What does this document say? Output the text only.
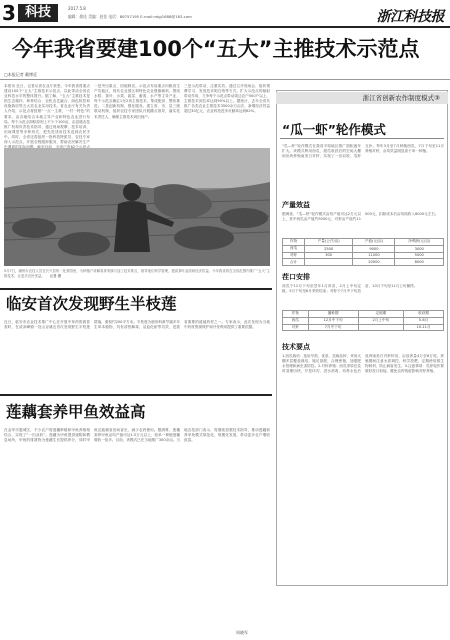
3 科技	2017.5.8
编辑：俞佳 美编：赵佳 电话：86757195 E-mail:ndgj1688@163.com	浙江科技报
今年我省要建100个“五大”主推技术示范点
□本报记者 戴博廷
本报讯 近日，记者从省农业厅获悉，今年我省将重点建设100个“五大”主推技术示范点，以此带动全省农业科技水平的整体提升。据了解，“五大”主推技术是指生态循环、种养结合、农机农艺融合、绿色防控和设施栽培等五大类农业实用技术。省农业厅有关负责人介绍，示范点将按照“一点一主推，一村一特色”的要求，由各地结合本地主导产业和特色农业进行布局。每个示范点面积原则上不少于100亩，由县级农技推广机构负责技术指导，通过现场观摩、技术培训、田间课堂等多种形式，把先进适用技术送到农民手中。同时，全省还将组织一批科技特派员、农技专家深入示范点，开展全程跟踪服务，帮助农民解决生产
一是突出重点，因地制宜。示范点布局重点向粮食生产功能区、现代农业园区和特色农业强镇倾斜，围绕水稻、茶叶、水果、蔬菜、畜禽、水产等主导产业，每个示范点确定1至2项主推技术，集成配套、整体推进。二是创新机制，强化服务。建立省、市、县三级联动机制，组织农技专家团队开展蹲点指导，落实技术责任人，确保主推技术到田到户。
三是示范带动，注重实效。通过召开现场会、组织观摩学习、发放技术明白纸等方式，扩大示范点的辐射带动作用，力争每个示范点带动周边农户500户以上，主推技术到位率达到95%以上。据统计，去年全省共推广各类农业主推技术3500余万亩次，新增经济效益超过30亿元，农业科技进步贡献率达到62%。
5月7日，湖州市农技人员在长兴县的一处茶园里，为种植户讲解春茶采摘与加工技术要点，指导他们科学管理，提高茶叶品质和经济效益。今年我省将在全省范围内推广“五大”主推技术，让更多农民受益。 记者 摄
浙江省创新农作制度模式③
“瓜一虾”轮作模式
“瓜—虾”轮作模式在我省平原地区推广面积逐年扩大。该模式利用西瓜、甜瓜收获后的空闲大棚和田块养殖南美白对虾，实现了一田双收、瓜虾互补。每年3月至7月种植西瓜，7月下旬至11月养殖对虾，亩均效益明显高于单一种植。
产量效益
据调查，“瓜—虾”轮作模式亩均产值可达2万元以上，其中西瓜亩产值约9000元，对虾亩产值约11000元，扣除成本后亩均纯收入8000元左右。
作物	产量(公斤/亩)	产值(元/亩)	净利润(元/亩)
西瓜	2500	9000	3000
对虾	300	11000	5000
合计		20000	8000
茬口安排
西瓜于12月下旬至翌年1月育苗，2月上中旬定植，5月下旬至6月采收结束；对虾于7月中下旬放苗，10月下旬至11月上旬捕捞。
作物	播种期	定植期	收获期
西瓜	12月中下旬	2月上中旬	5-6月
对虾	7月中下旬		10-11月
技术要点
1.西瓜栽培：选用早熟、优质、抗病品种，采用大棚多层覆盖栽培，施足基肥，合理密植，加强肥水管理和病虫害防控。2.对虾养殖：西瓜采收后及时清理田块，开挖环沟，进水消毒，培养水色后放养南美白对虾虾苗，亩放养量4万至6万尾。养殖期间注意水质调控，科学投喂，定期使用微生物制剂，防止病害发生。3.注意事项：瓜虾轮作要做好茬口衔接，避免农药残留影响对虾养殖。
临安首次发现野生半枝莲
近日，临安市农业技术推广中心在开展中草药资源普查时，在清凉峰镇一处山谷溪边首次发现野生半枝莲群落，面积约200平方米。半枝莲为唇形科黄芩属多年生草本植物，具有清热解毒、活血化瘀等功效，是我省重要的道地药材之一。专家表示，此次发现为当地中药材资源保护和开发利用提供了重要依据。
莲藕套养甲鱼效益高
在金华市婺城区，不少农户将莲藕种植和甲鱼养殖相结合，实现了“一田双收”。莲藕为甲鱼提供遮阴和栖息场所，甲鱼的排泄物为莲藕生长提供养分，同时甲鱼还能捕食田间害虫，减少农药使用。据测算，莲藕套养甲鱼亩均产值可达1.5万元以上，较单一种植莲藕增收一倍多。目前，该模式已在当地推广300余亩。当地农技部门表示，将继续加强技术指导，推动莲藕套养甲鱼模式规范化、规模化发展，带动更多农户增收致富。
周晓军
